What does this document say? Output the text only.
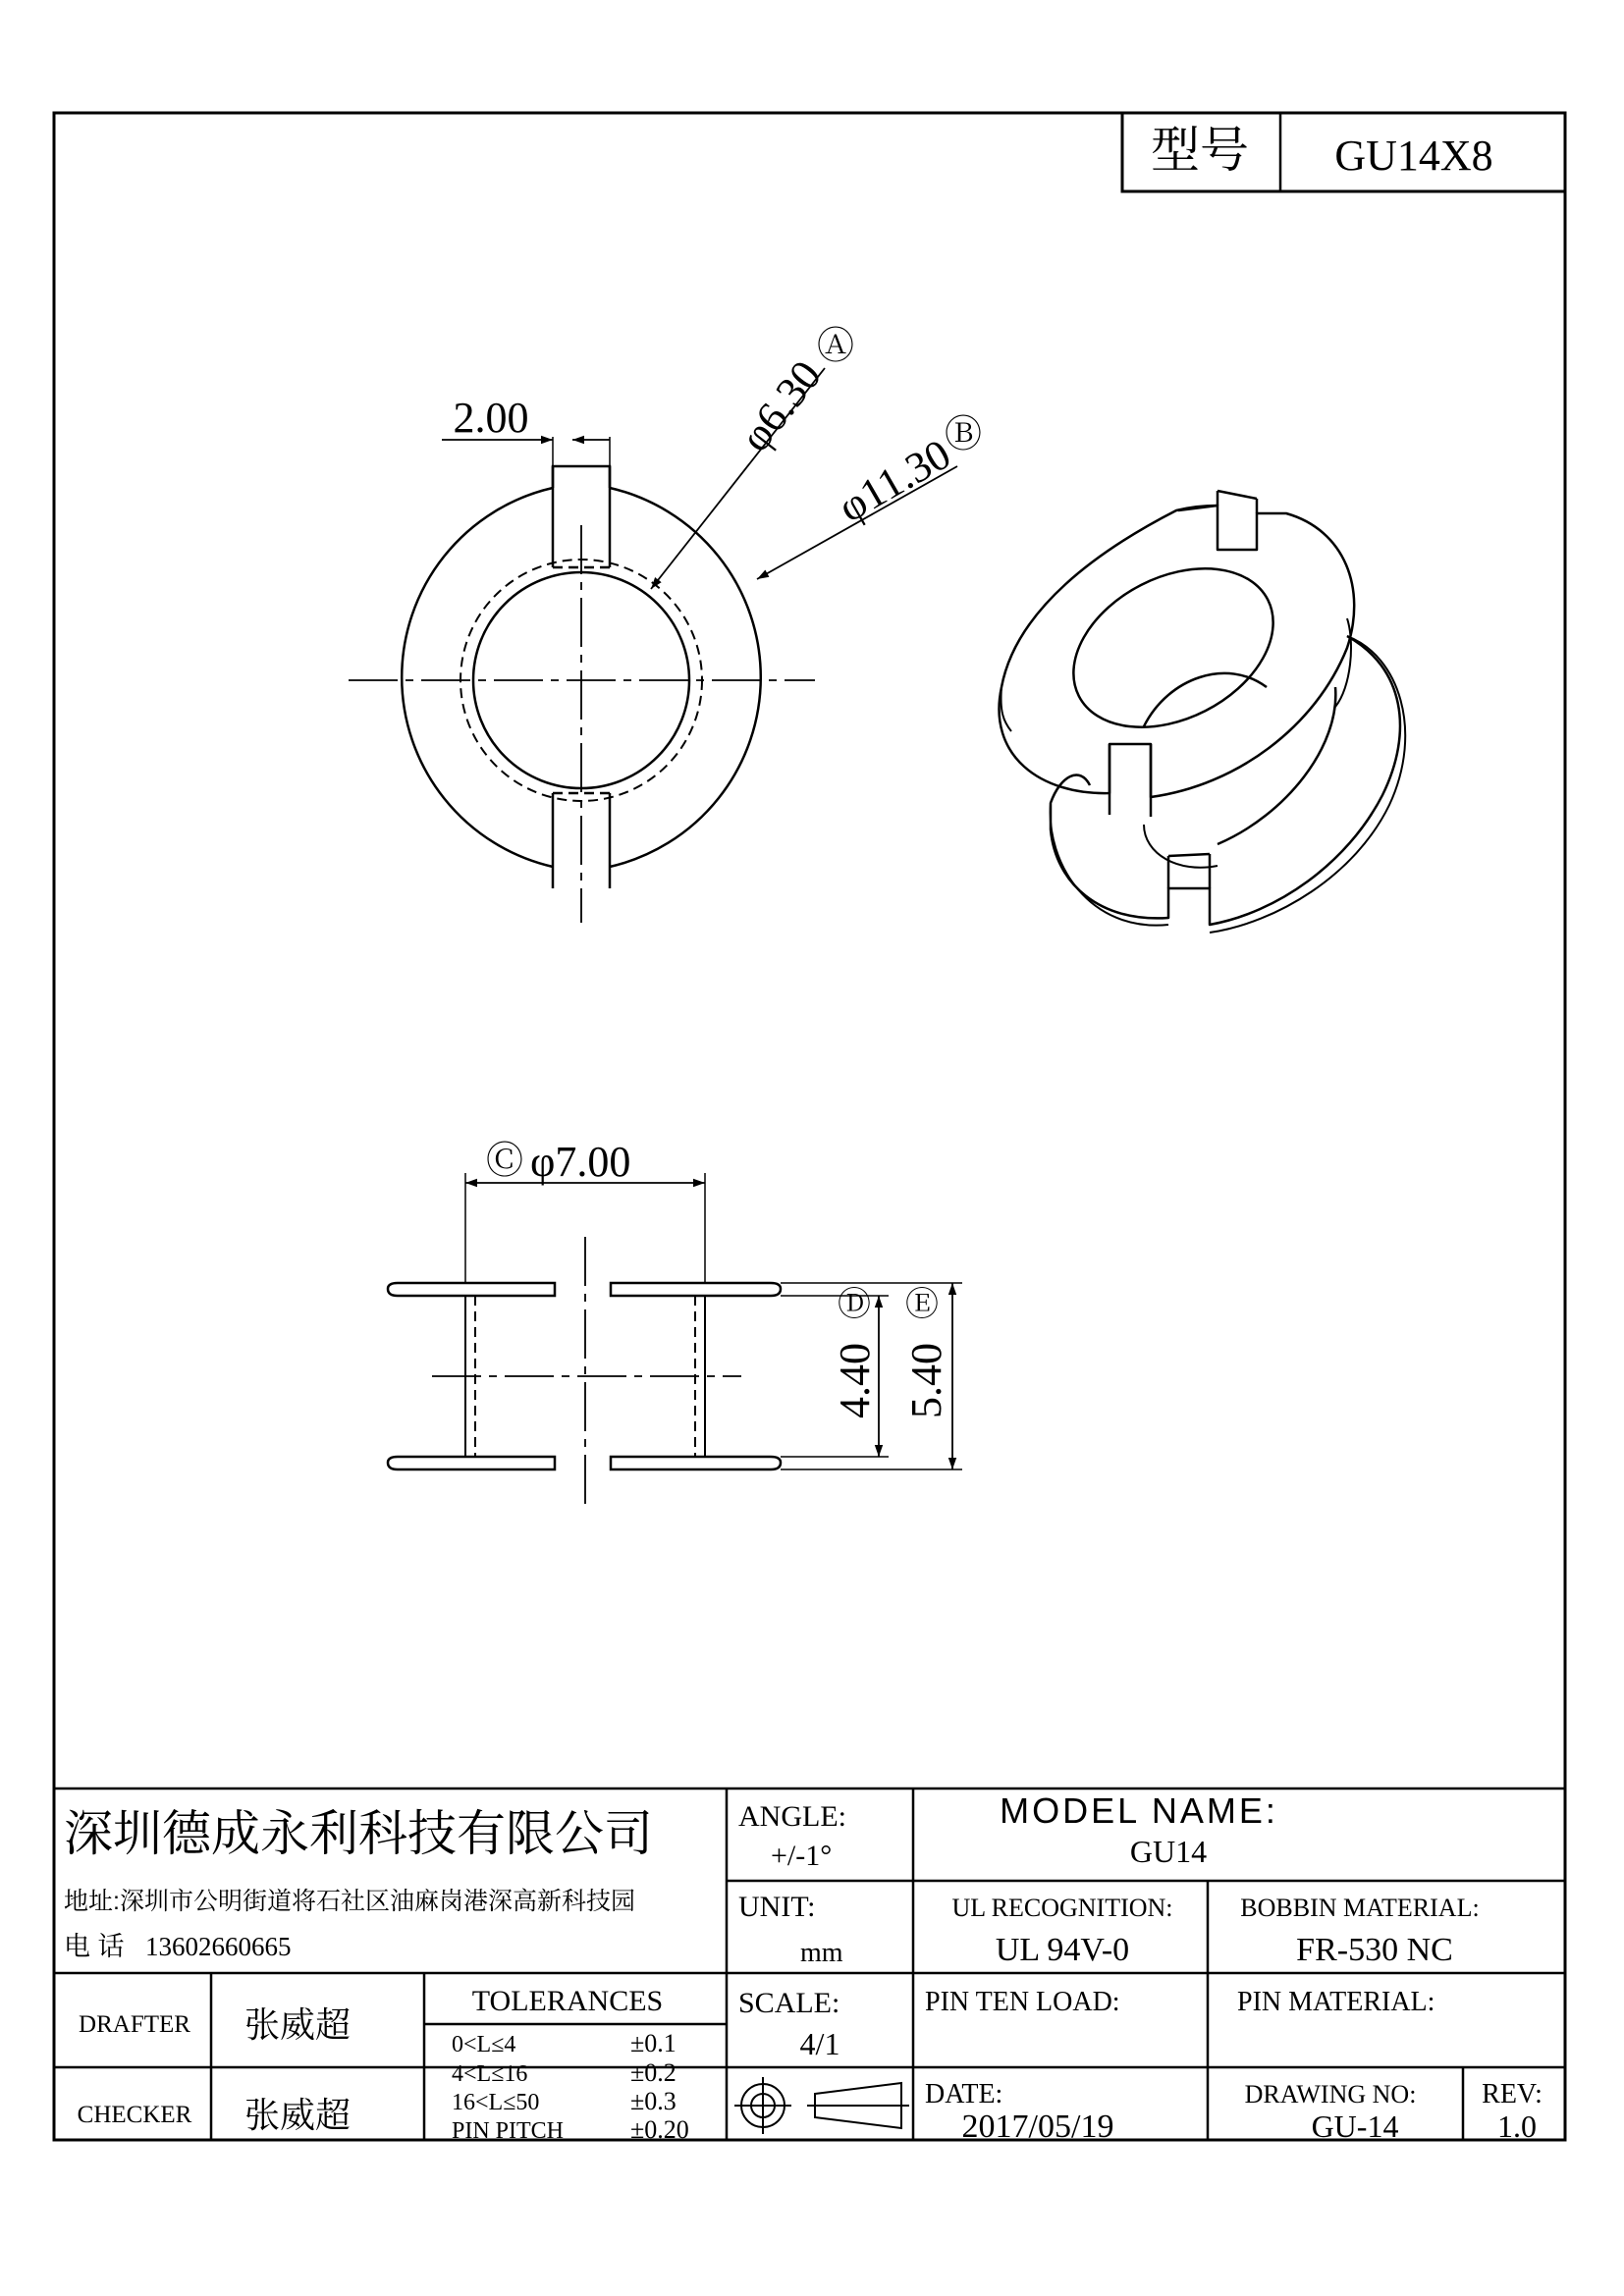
型号 GU14X8
2.00	φ6.30
Ⓐ
φ11.30
Ⓑ
Ⓒ φ7.00
Ⓓ
4.40
Ⓔ
5.40
深圳德成永利科技有限公司
地址:深圳市公明街道将石社区油麻岗港深高新科技园
电 话 13602660665
ANGLE:
+/-1°
MODEL NAME:
GU14
UNIT:
mm
UL RECOGNITION:
UL 94V-0
BOBBIN MATERIAL:
FR-530 NC
DRAFTER 张威超
CHECKER 张威超
TOLERANCES
0<L≤4	±0.1
4<L≤16	±0.2
16<L≤50	±0.3
PIN PITCH	±0.20
SCALE:
4/1
PIN TEN LOAD:	PIN MATERIAL:
DATE:
2017/05/19
DRAWING NO:
GU-14
REV:
1.0
